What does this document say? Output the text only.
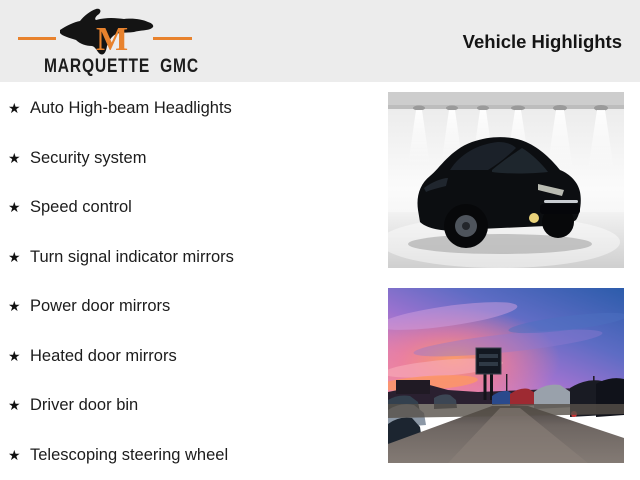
M
MARQUETTE GMC
Vehicle Highlights
★ Auto High-beam Headlights
★ Security system
★ Speed control
★ Turn signal indicator mirrors
★ Power door mirrors
★ Heated door mirrors
★ Driver door bin
★ Telescoping steering wheel
